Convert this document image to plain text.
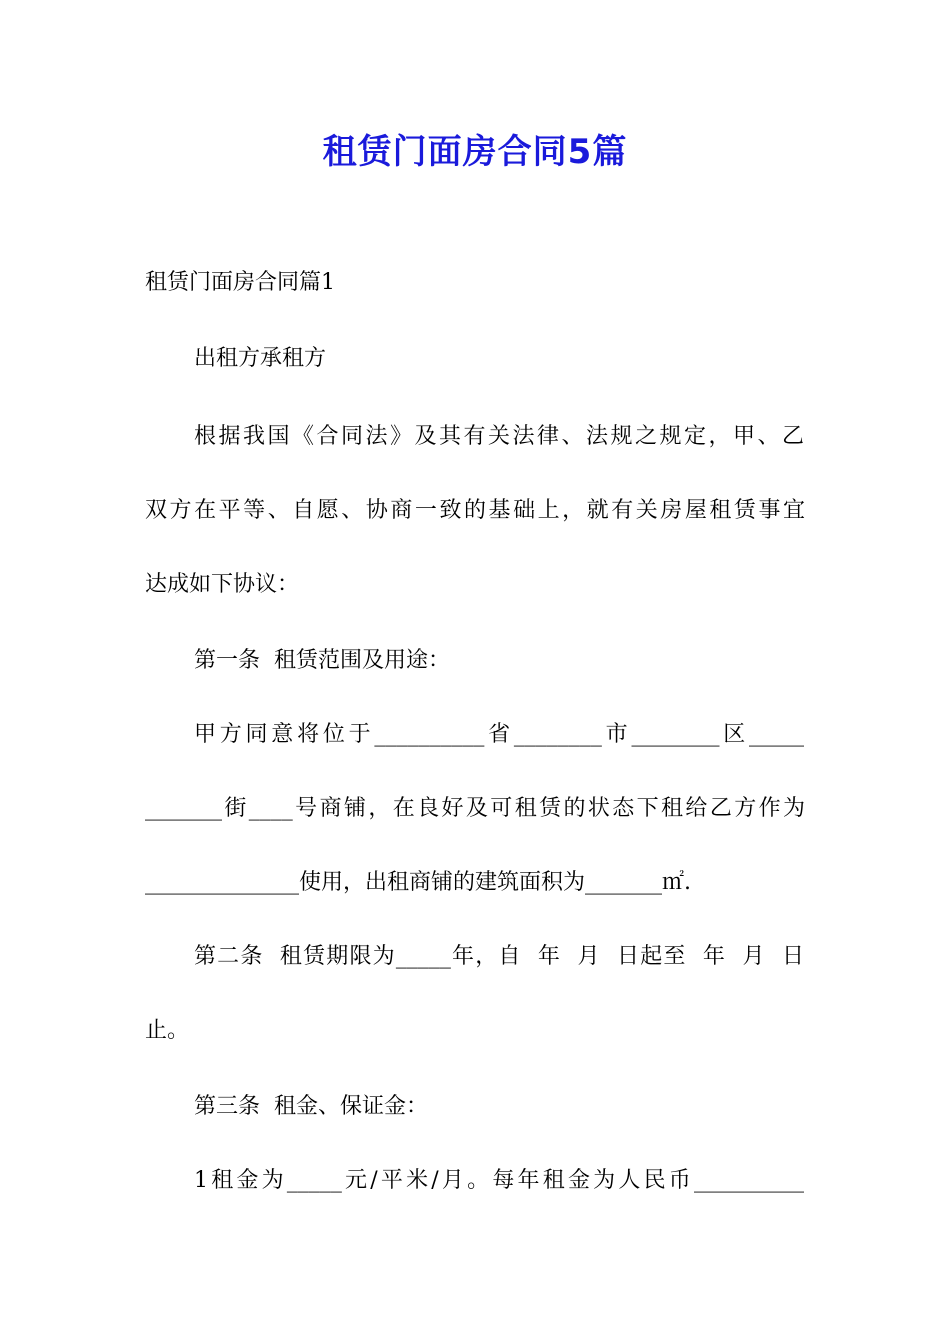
租赁门面房合同5篇
租赁门面房合同篇1
出租方承租方
根据我国《合同法》及其有关法律、法规之规定，甲、乙
双方在平等、自愿、协商一致的基础上，就有关房屋租赁事宜
达成如下协议：
第一条  租赁范围及用途：
甲方同意将位于__________省________市________区_____
_______街____号商铺，在良好及可租赁的状态下租给乙方作为
______________使用，出租商铺的建筑面积为_______㎡.
第二条  租赁期限为_____年，自  年  月  日起至  年  月  日
止。
第三条  租金、保证金：
1租金为_____元/平米/月。每年租金为人民币__________
